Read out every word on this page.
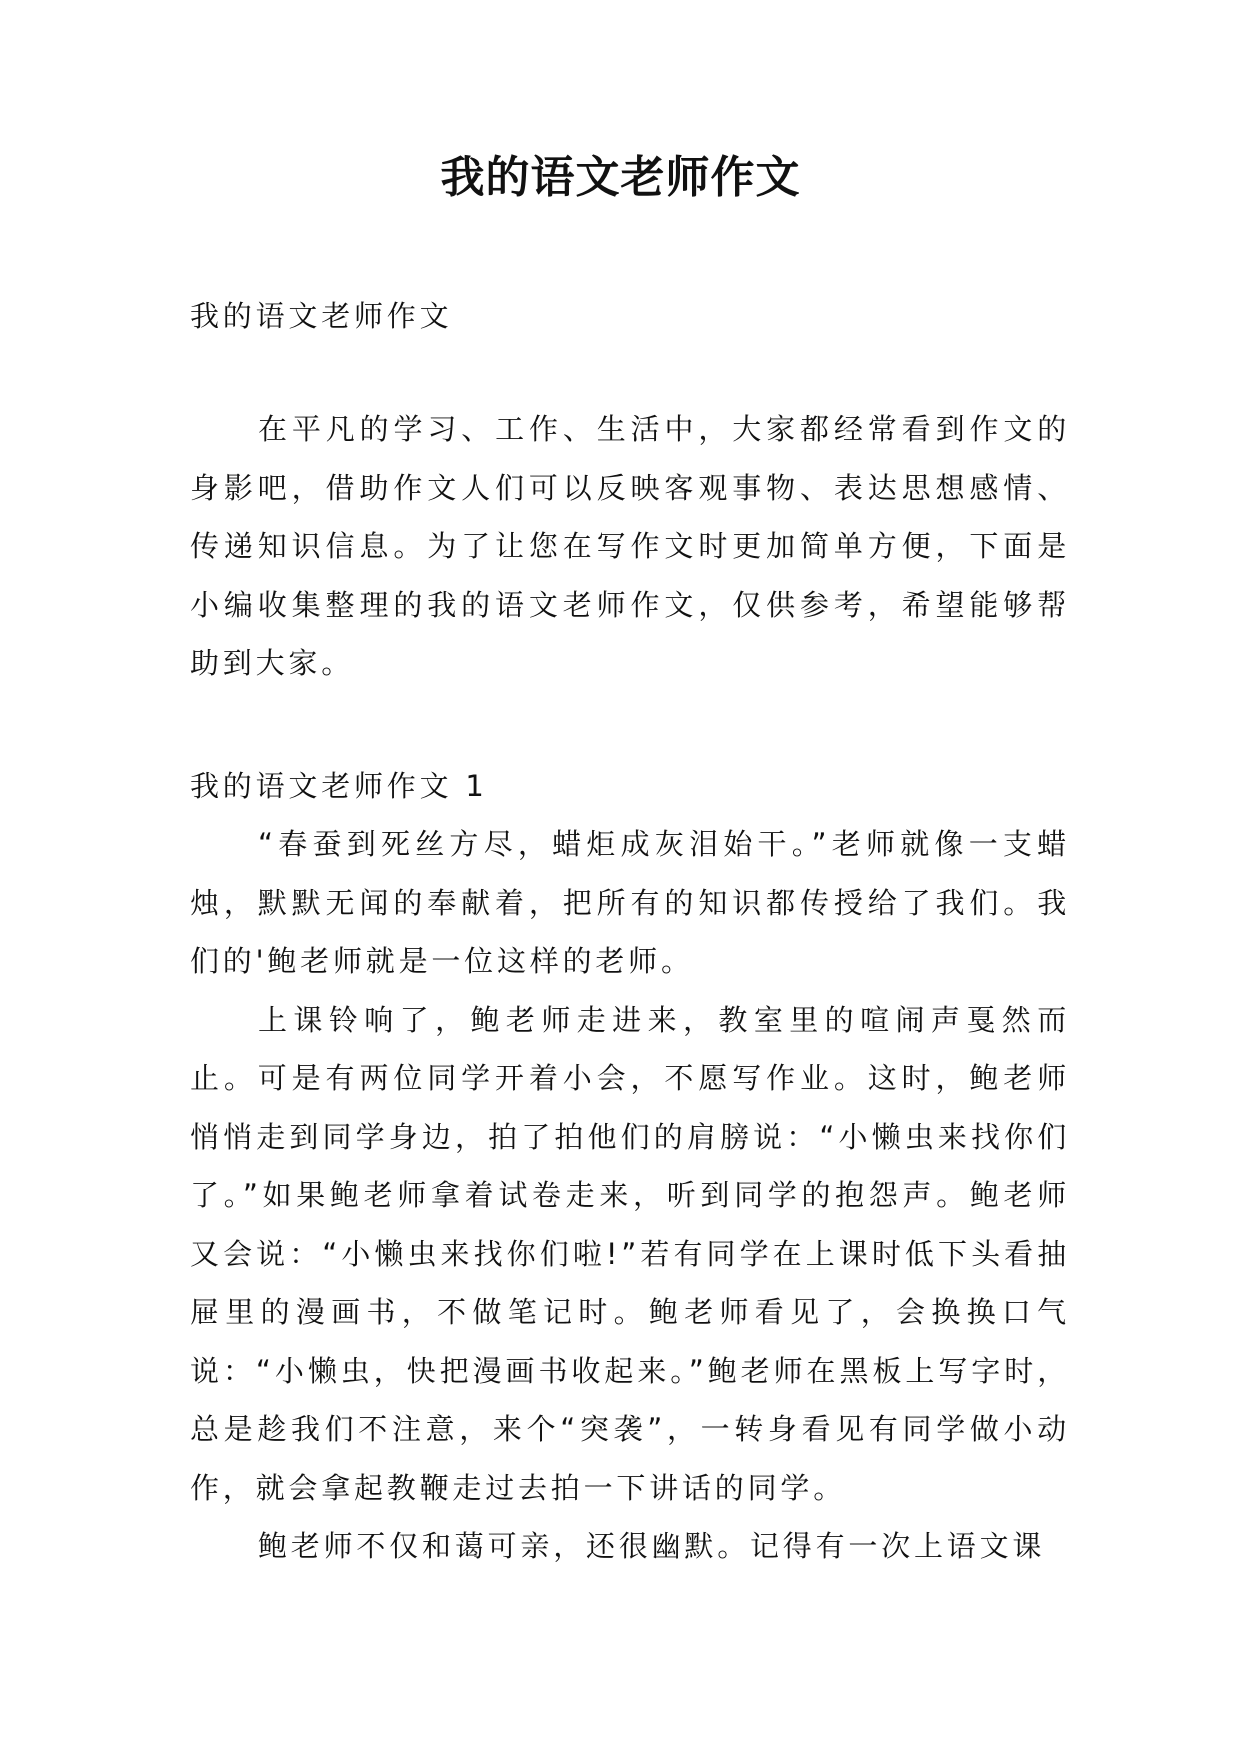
我的语文老师作文
我的语文老师作文
在平凡的学习、工作、生活中，大家都经常看到作文的身影吧，借助作文人们可以反映客观事物、表达思想感情、传递知识信息。为了让您在写作文时更加简单方便，下面是小编收集整理的我的语文老师作文，仅供参考，希望能够帮助到大家。
我的语文老师作文 1

“春蚕到死丝方尽，蜡炬成灰泪始干。”老师就像一支蜡烛，默默无闻的奉献着，把所有的知识都传授给了我们。我们的'鲍老师就是一位这样的老师。

上课铃响了，鲍老师走进来，教室里的喧闹声戛然而止。可是有两位同学开着小会，不愿写作业。这时，鲍老师悄悄走到同学身边，拍了拍他们的肩膀说：“小懒虫来找你们了。”如果鲍老师拿着试卷走来，听到同学的抱怨声。鲍老师又会说：“小懒虫来找你们啦!”若有同学在上课时低下头看抽屉里的漫画书，不做笔记时。鲍老师看见了，会换换口气说：“小懒虫，快把漫画书收起来。”鲍老师在黑板上写字时，总是趁我们不注意，来个“突袭”，一转身看见有同学做小动作，就会拿起教鞭走过去拍一下讲话的同学。

鲍老师不仅和蔼可亲，还很幽默。记得有一次上语文课
